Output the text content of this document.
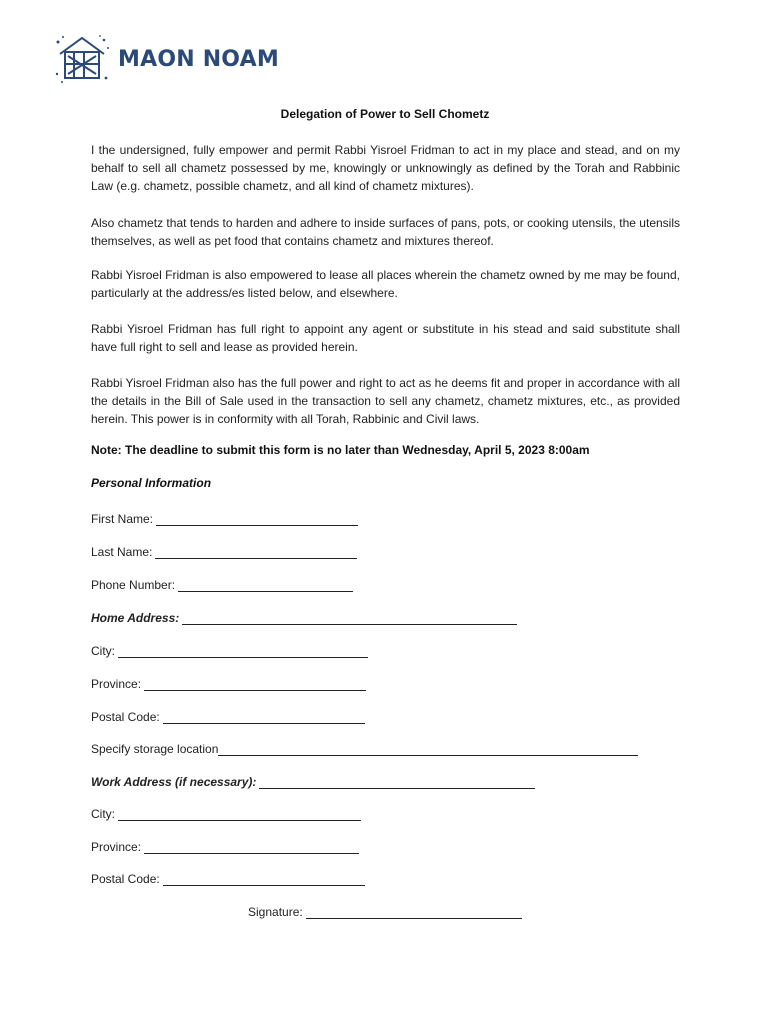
MAON NOAM
Delegation of Power to Sell Chometz
I the undersigned, fully empower and permit Rabbi Yisroel Fridman to act in my place and stead, and on my behalf to sell all chametz possessed by me, knowingly or unknowingly as defined by the Torah and Rabbinic Law (e.g. chametz, possible chametz, and all kind of chametz mixtures).
Also chametz that tends to harden and adhere to inside surfaces of pans, pots, or cooking utensils, the utensils themselves, as well as pet food that contains chametz and mixtures thereof.
Rabbi Yisroel Fridman is also empowered to lease all places wherein the chametz owned by me may be found, particularly at the address/es listed below, and elsewhere.
Rabbi Yisroel Fridman has full right to appoint any agent or substitute in his stead and said substitute shall have full right to sell and lease as provided herein.
Rabbi Yisroel Fridman also has the full power and right to act as he deems fit and proper in accordance with all the details in the Bill of Sale used in the transaction to sell any chametz, chametz mixtures, etc., as provided herein. This power is in conformity with all Torah, Rabbinic and Civil laws.
Note: The deadline to submit this form is no later than Wednesday, April 5, 2023 8:00am
Personal Information
First Name:
Last Name:
Phone Number:
Home Address:
City:
Province:
Postal Code:
Specify storage location
Work Address (if necessary):
City:
Province:
Postal Code:
Signature:
